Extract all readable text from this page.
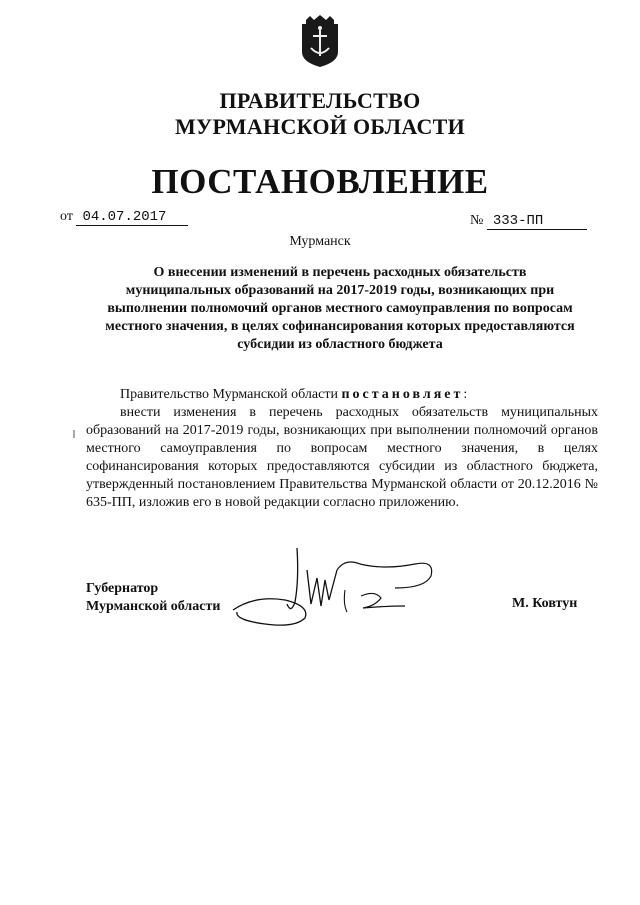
ПРАВИТЕЛЬСТВО
МУРМАНСКОЙ ОБЛАСТИ
ПОСТАНОВЛЕНИЕ
от 04.07.2017	№ 333-ПП
Мурманск
О внесении изменений в перечень расходных обязательств
муниципальных образований на 2017-2019 годы, возникающих при
выполнении полномочий органов местного самоуправления по вопросам
местного значения, в целях софинансирования которых предоставляются
субсидии из областного бюджета

Правительство Мурманской области постановляет:

внести изменения в перечень расходных обязательств муниципальных образований на 2017-2019 годы, возникающих при выполнении полномочий органов местного самоуправления по вопросам местного значения, в целях софинансирования которых предоставляются субсидии из областного бюджета, утвержденный постановлением Правительства Мурманской области от 20.12.2016 № 635-ПП, изложив его в новой редакции согласно приложению.

Губернатор
Мурманской области	М. Ковтун
